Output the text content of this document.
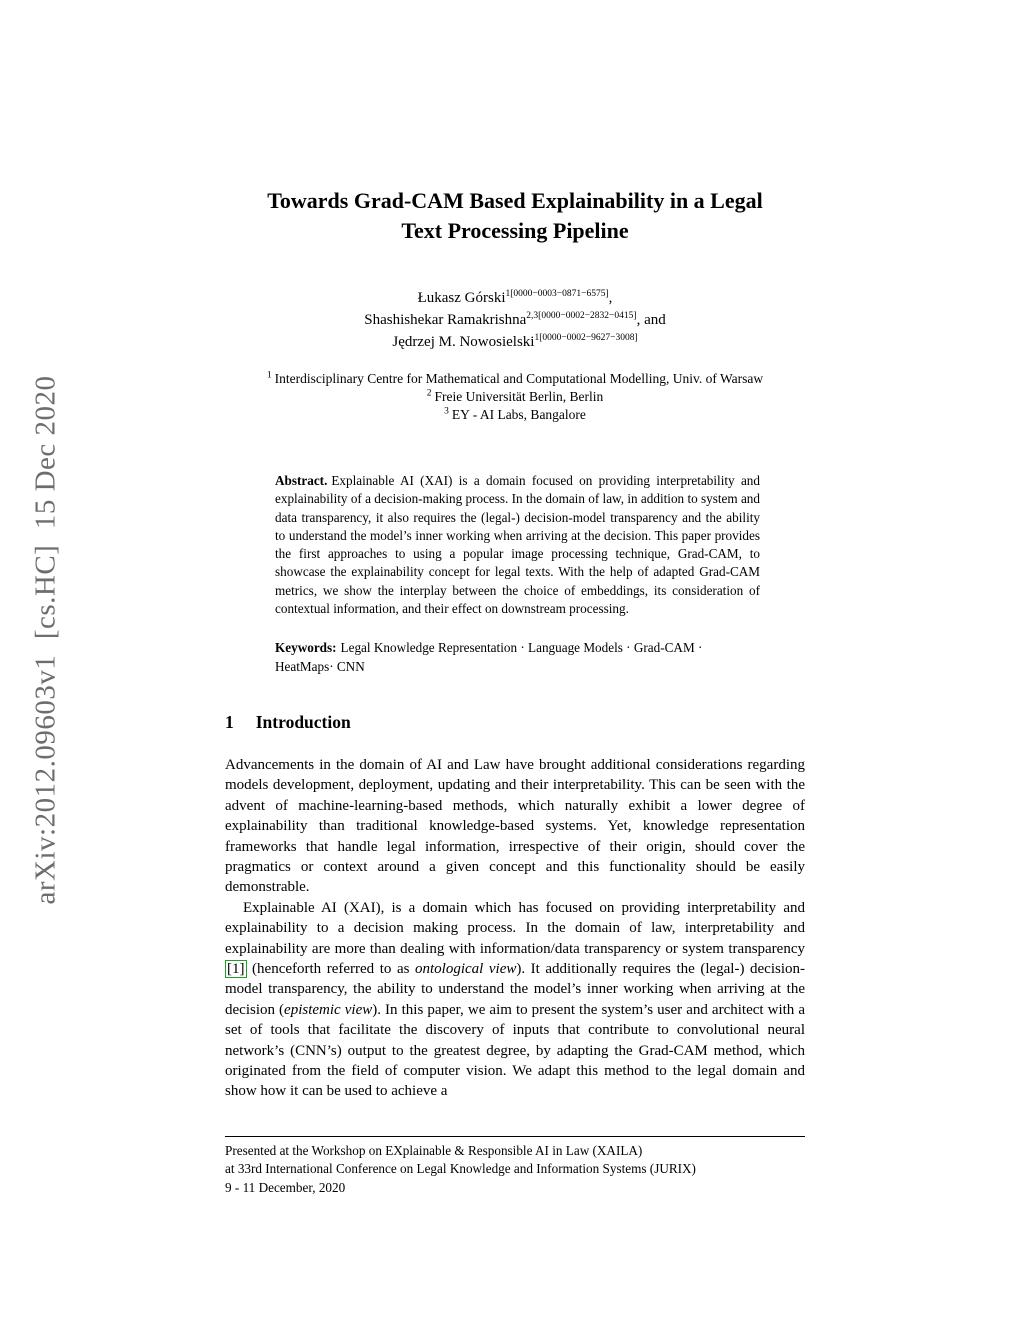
arXiv:2012.09603v1  [cs.HC]  15 Dec 2020
Towards Grad-CAM Based Explainability in a Legal
Text Processing Pipeline
Łukasz Górski$^{1[0000-0003-0871-6575]}$,
Shashishekar Ramakrishna$^{2,3[0000-0002-2832-0415]}$, and
Jędrzej M. Nowosielski$^{1[0000-0002-9627-3008]}$
$^1$ Interdisciplinary Centre for Mathematical and Computational Modelling, Univ. of Warsaw
$^2$ Freie Universität Berlin, Berlin
$^3$ EY - AI Labs, Bangalore

Abstract. Explainable AI (XAI) is a domain focused on providing interpretability and explainability of a decision-making process. In the domain of law, in addition to system and data transparency, it also requires the (legal-) decision-model transparency and the ability to understand the model’s inner working when arriving at the decision. This paper provides the first approaches to using a popular image processing technique, Grad-CAM, to showcase the explainability concept for legal texts. With the help of adapted Grad-CAM metrics, we show the interplay between the choice of embeddings, its consideration of contextual information, and their effect on downstream processing.

Keywords: Legal Knowledge Representation · Language Models · Grad-CAM · HeatMaps· CNN

1 Introduction

Advancements in the domain of AI and Law have brought additional considerations regarding models development, deployment, updating and their interpretability. This can be seen with the advent of machine-learning-based methods, which naturally exhibit a lower degree of explainability than traditional knowledge-based systems. Yet, knowledge representation frameworks that handle legal information, irrespective of their origin, should cover the pragmatics or context around a given concept and this functionality should be easily demonstrable.

Explainable AI (XAI), is a domain which has focused on providing interpretability and explainability to a decision making process. In the domain of law, interpretability and explainability are more than dealing with information/data transparency or system transparency [1] (henceforth referred to as ontological view). It additionally requires the (legal-) decision-model transparency, the ability to understand the model’s inner working when arriving at the decision (epistemic view). In this paper, we aim to present the system’s user and architect with a set of tools that facilitate the discovery of inputs that contribute to convolutional neural network’s (CNN’s) output to the greatest degree, by adapting the Grad-CAM method, which originated from the field of computer vision. We adapt this method to the legal domain and show how it can be used to achieve a

Presented at the Workshop on EXplainable & Responsible AI in Law (XAILA)
at 33rd International Conference on Legal Knowledge and Information Systems (JURIX)
9 - 11 December, 2020
